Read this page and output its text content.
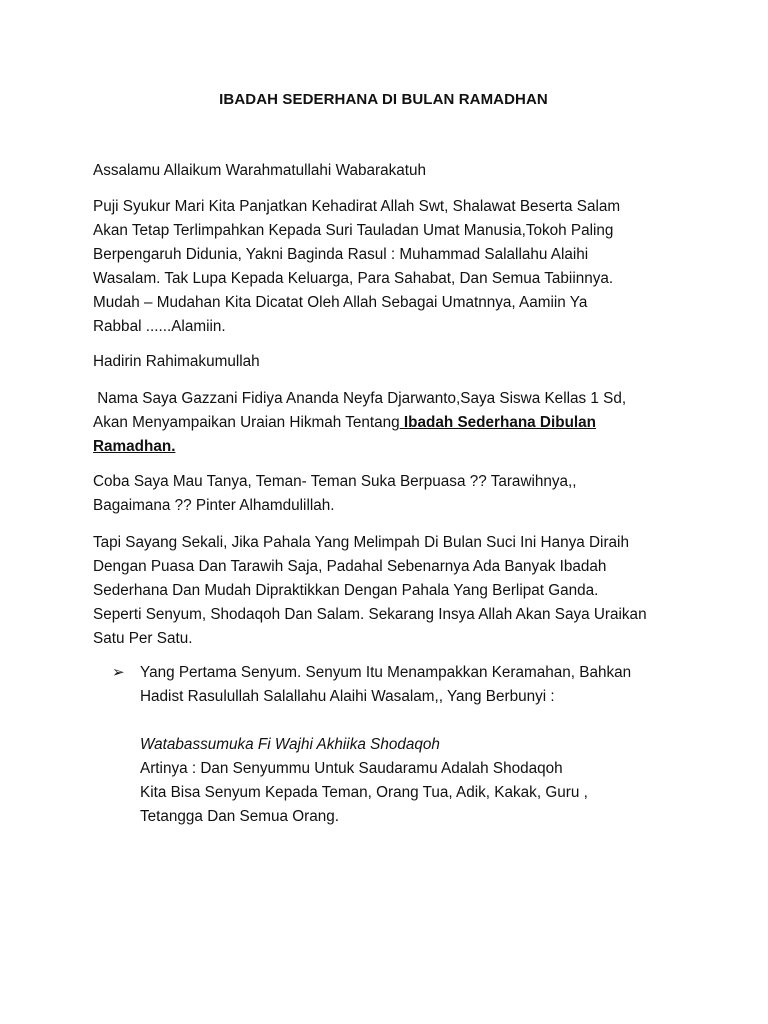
IBADAH SEDERHANA DI BULAN RAMADHAN

Assalamu Allaikum Warahmatullahi Wabarakatuh

Puji Syukur Mari Kita Panjatkan Kehadirat Allah Swt, Shalawat Beserta Salam
Akan Tetap Terlimpahkan Kepada Suri Tauladan Umat Manusia,Tokoh Paling
Berpengaruh Didunia, Yakni Baginda Rasul : Muhammad Salallahu Alaihi
Wasalam. Tak Lupa Kepada Keluarga, Para Sahabat, Dan Semua Tabiinnya.
Mudah – Mudahan Kita Dicatat Oleh Allah Sebagai Umatnnya, Aamiin Ya
Rabbal ......Alamiin.

Hadirin Rahimakumullah

Nama Saya Gazzani Fidiya Ananda Neyfa Djarwanto,Saya Siswa Kellas 1 Sd,
Akan Menyampaikan Uraian Hikmah Tentang Ibadah Sederhana Dibulan
Ramadhan.

Coba Saya Mau Tanya, Teman- Teman Suka Berpuasa ?? Tarawihnya,,
Bagaimana ?? Pinter Alhamdulillah.

Tapi Sayang Sekali, Jika Pahala Yang Melimpah Di Bulan Suci Ini Hanya Diraih
Dengan Puasa Dan Tarawih Saja, Padahal Sebenarnya Ada Banyak Ibadah
Sederhana Dan Mudah Dipraktikkan Dengan Pahala Yang Berlipat Ganda.
Seperti Senyum, Shodaqoh Dan Salam. Sekarang Insya Allah Akan Saya Uraikan
Satu Per Satu.

➢ Yang Pertama Senyum. Senyum Itu Menampakkan Keramahan, Bahkan
Hadist Rasulullah Salallahu Alaihi Wasalam,, Yang Berbunyi :
Watabassumuka Fi Wajhi Akhiika Shodaqoh
Artinya : Dan Senyummu Untuk Saudaramu Adalah Shodaqoh
Kita Bisa Senyum Kepada Teman, Orang Tua, Adik, Kakak, Guru ,
Tetangga Dan Semua Orang.
